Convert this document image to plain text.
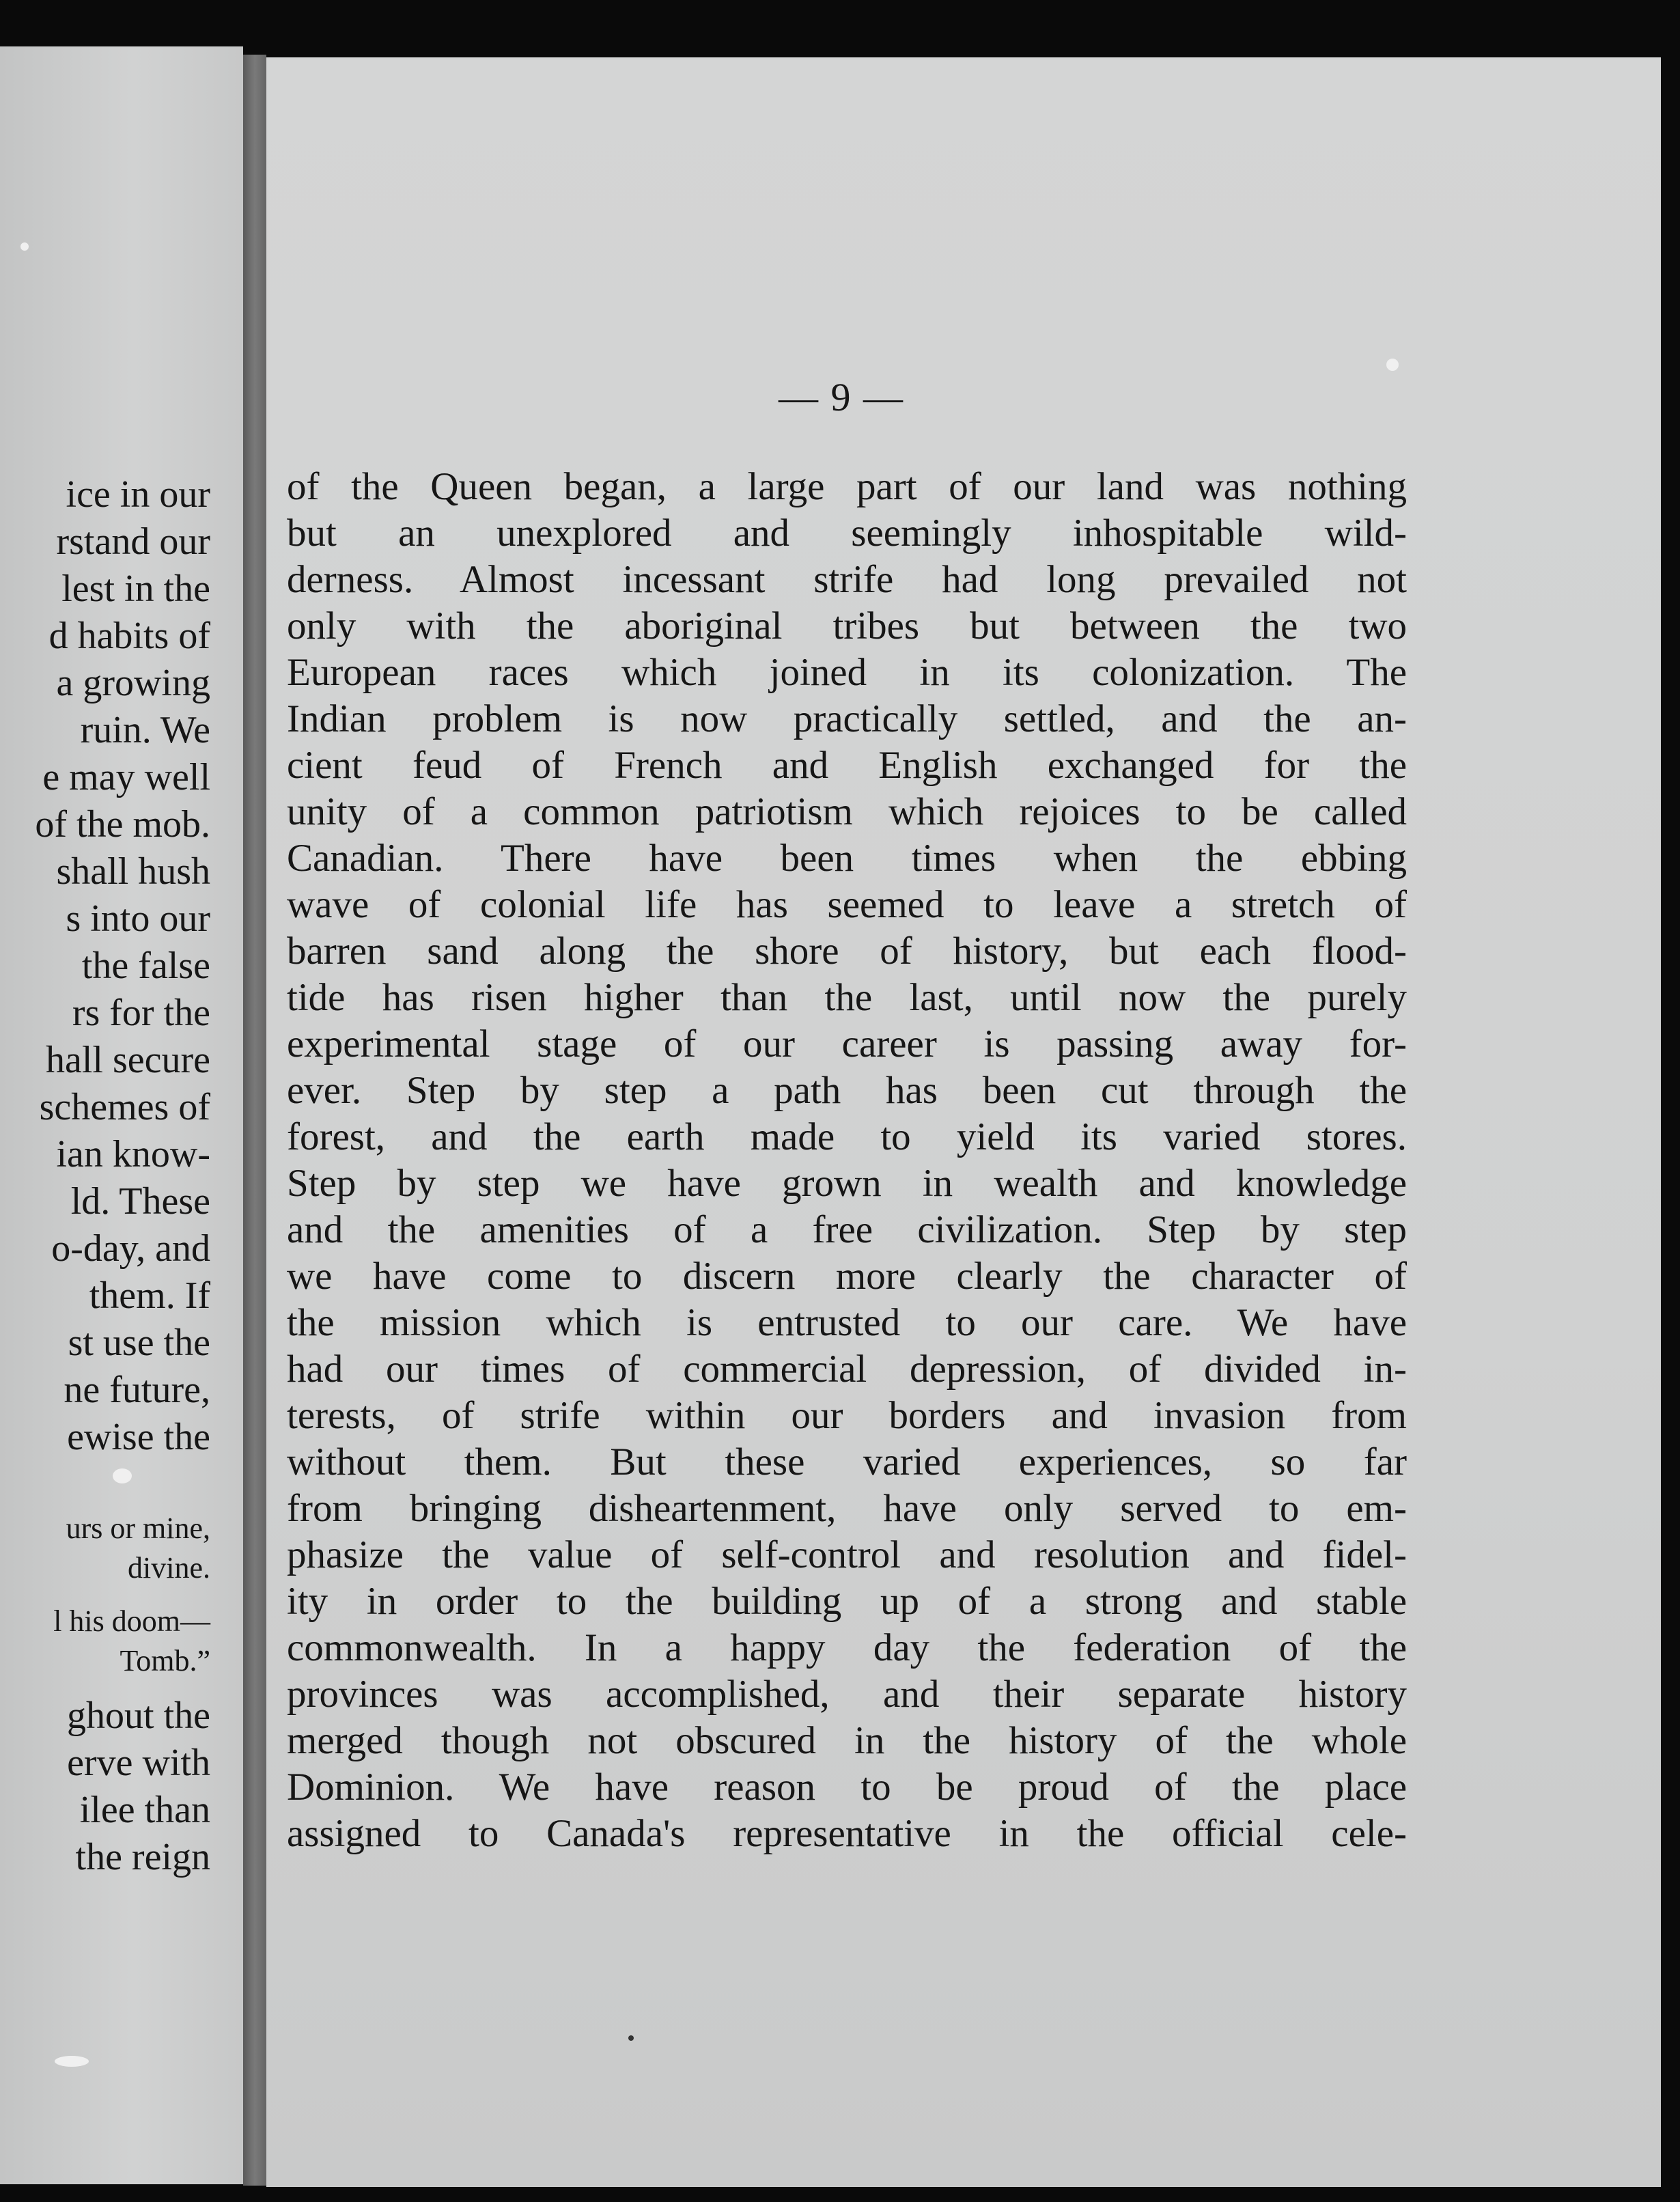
ice in our
rstand our
lest in the
d habits of
a growing
ruin. We
e may well
of the mob.
shall hush
s into our
the false
rs for the
hall secure
schemes of
ian know-
ld. These
o-day, and
them. If
st use the
ne future,
ewise the
urs or mine,
divine.
l his doom—
Tomb.”
ghout the
erve with
ilee than
the reign
— 9 —
of the Queen began, a large part of our land was nothing
but an unexplored and seemingly inhospitable wild-
derness. Almost incessant strife had long prevailed not
only with the aboriginal tribes but between the two
European races which joined in its colonization. The
Indian problem is now practically settled, and the an-
cient feud of French and English exchanged for the
unity of a common patriotism which rejoices to be called
Canadian. There have been times when the ebbing
wave of colonial life has seemed to leave a stretch of
barren sand along the shore of history, but each flood-
tide has risen higher than the last, until now the purely
experimental stage of our career is passing away for-
ever. Step by step a path has been cut through the
forest, and the earth made to yield its varied stores.
Step by step we have grown in wealth and knowledge
and the amenities of a free civilization. Step by step
we have come to discern more clearly the character of
the mission which is entrusted to our care. We have
had our times of commercial depression, of divided in-
terests, of strife within our borders and invasion from
without them. But these varied experiences, so far
from bringing disheartenment, have only served to em-
phasize the value of self-control and resolution and fidel-
ity in order to the building up of a strong and stable
commonwealth. In a happy day the federation of the
provinces was accomplished, and their separate history
merged though not obscured in the history of the whole
Dominion. We have reason to be proud of the place
assigned to Canada's representative in the official cele-
